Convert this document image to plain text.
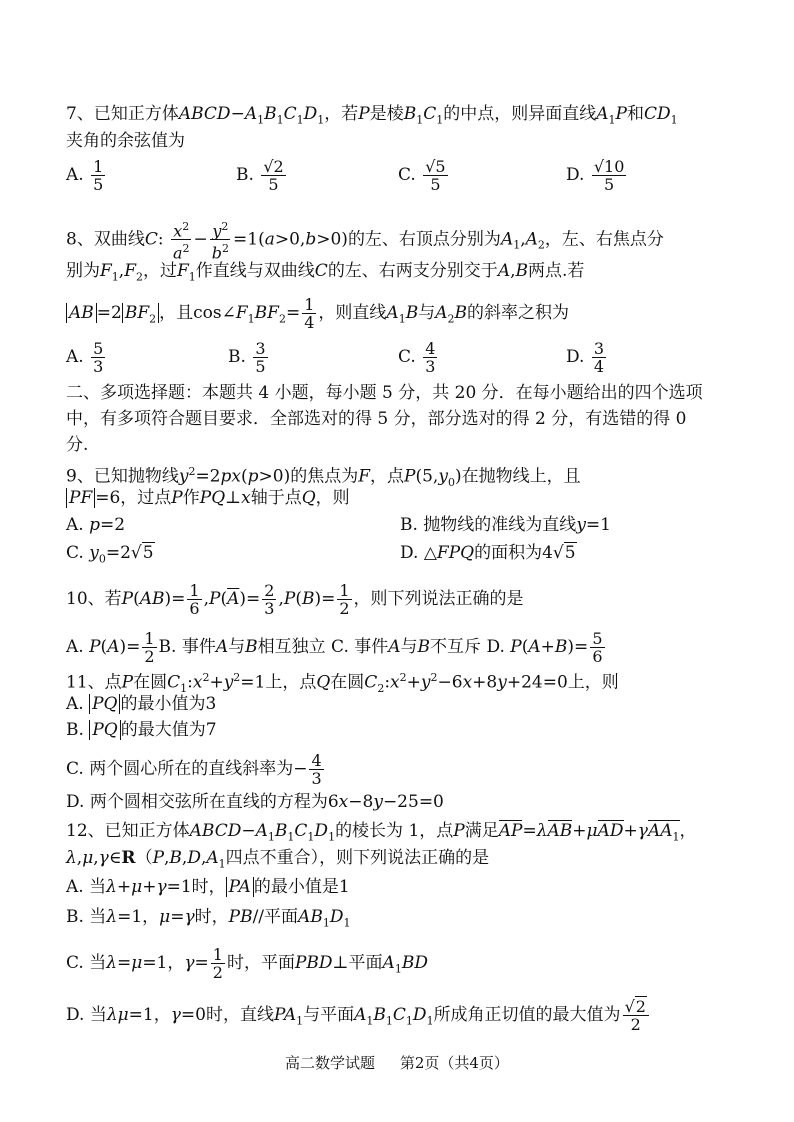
7、已知正方体$ABCD-A_1B_1C_1D_1$，若P是棱$B_1C_1$的中点，则异面直线$A_1P$和$CD_1$
夹角的余弦值为
A. $\frac{1}{5}$	B. $\frac{√2}{5}$	C. $\frac{√5}{5}$	D. $\frac{√10}{5}$
8、双曲线C: $\frac{x^2}{a^2} - \frac{y^2}{b^2} =1(a>0,b>0)$的左、右顶点分别为$A_1,A_2$，左、右焦点分
别为$F_1,F_2$，过$F_1$作直线与双曲线C的左、右两支分别交于A,B两点.若
AB =2 $BF_2$ ，且$\cos\angle F_1BF_2= \frac{1}{4}$ ，则直线$A_1B$与$A_2B$的斜率之积为
A. $\frac{5}{3}$	B. $\frac{3}{5}$	C. $\frac{4}{3}$	D. $\frac{3}{4}$
二、多项选择题：本题共 4 小题，每小题 5 分，共 20 分．在每小题给出的四个选项
中，有多项符合题目要求．全部选对的得 5 分，部分选对的得 2 分，有选错的得 0
分.
9、已知抛物线$y^2=2px(p>0)$的焦点为F，点$P(5,y_0)$在抛物线上，且
PF =6，过点P作PQ⊥x轴于点Q，则
A. p=2	B. 抛物线的准线为直线y=1
C. $y_0=2√5$	D. △FPQ的面积为4√5
10、若$P(AB)= \frac{1}{6} ,P(\overline{A})= \frac{2}{3} ,P(B)= \frac{1}{2}$ ，则下列说法正确的是
A. $P(A)= \frac{1}{2} B$. 事件A与B相互独立 C. 事件A与B不互斥 D. $P(A+B)= \frac{5}{6}$
11、点P在圆$C_1:x^2+y^2=1$上，点Q在圆$C_2:x^2+y^2-6x+8y+24=0$上，则
A. PQ 的最小值为3
B. PQ 的最大值为7
C. 两个圆心所在的直线斜率为− $\frac{4}{3}$
D. 两个圆相交弦所在直线的方程为6x−8y−25=0
12、已知正方体$ABCD-A_1B_1C_1D_1$的棱长为 1，点P满足AP=λAB+μAD+γAA$_1$，
$\lambda,\mu,\gamma\in R(P,B,D,A_1$四点不重合），则下列说法正确的是
A. 当λ+μ+γ=1时， PA 的最小值是1
B. 当λ=1，μ=γ时，PB//平面$AB_1D_1$
C. 当λ=μ=1，$\gamma= \frac{1}{2}$ 时，平面PBD⊥平面$A_1BD$
D. 当λμ=1，γ=0时，直线$PA_1$与平面$A_1B_1C_1D_1$所成角正切值的最大值为 $\frac{√2}{2}$
高二数学试题 第2页（共4页）
